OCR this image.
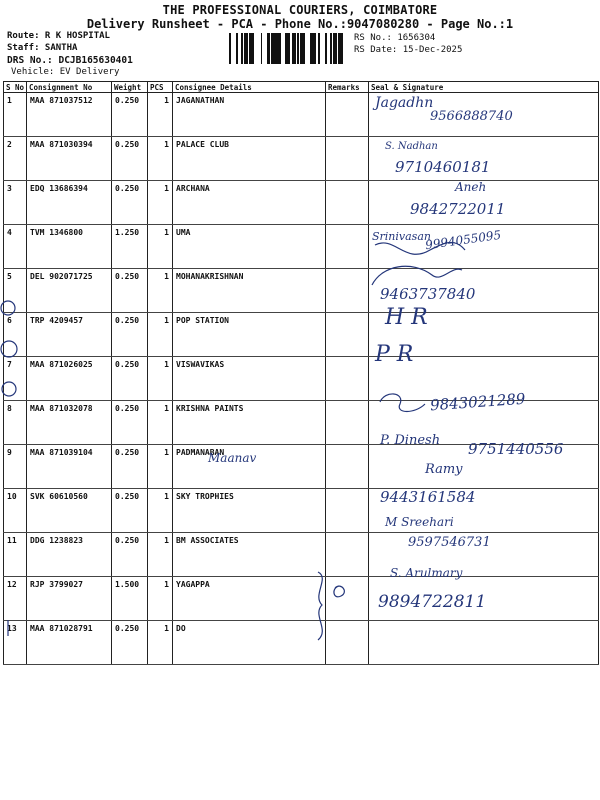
THE PROFESSIONAL COURIERS, COIMBATORE
Delivery Runsheet - PCA - Phone No.:9047080280 - Page No.:1
Route: R K HOSPITAL
Staff: SANTHA
DRS No.: DCJB165630401
Vehicle: EV Delivery
RS No.: 1656304
RS Date: 15-Dec-2025
S No	Consignment No	Weight	PCS	Consignee Details	Remarks	Seal & Signature
1	MAA 871037512	0.250	1	JAGANATHAN		
2	MAA 871030394	0.250	1	PALACE CLUB		
3	EDQ 13686394	0.250	1	ARCHANA		
4	TVM 1346800	1.250	1	UMA		
5	DEL 902071725	0.250	1	MOHANAKRISHNAN		
6	TRP 4209457	0.250	1	POP STATION		
7	MAA 871026025	0.250	1	VISWAVIKAS		
8	MAA 871032078	0.250	1	KRISHNA PAINTS		
9	MAA 871039104	0.250	1	PADMANABAN		
10	SVK 60610560	0.250	1	SKY TROPHIES		
11	DDG 1238823	0.250	1	BM ASSOCIATES		
12	RJP 3799027	1.500	1	YAGAPPA		
13	MAA 871028791	0.250	1	DO		
Jagadhn
9566888740
S. Nadhan
9710460181
Aneh
9842722011
Srinivasan
9994055095
9463737840
H R
P R
9843021289
P. Dinesh 9751440556
Maanav
Ramy
9443161584
M Sreehari
9597546731
S. Arulmary
9894722811
